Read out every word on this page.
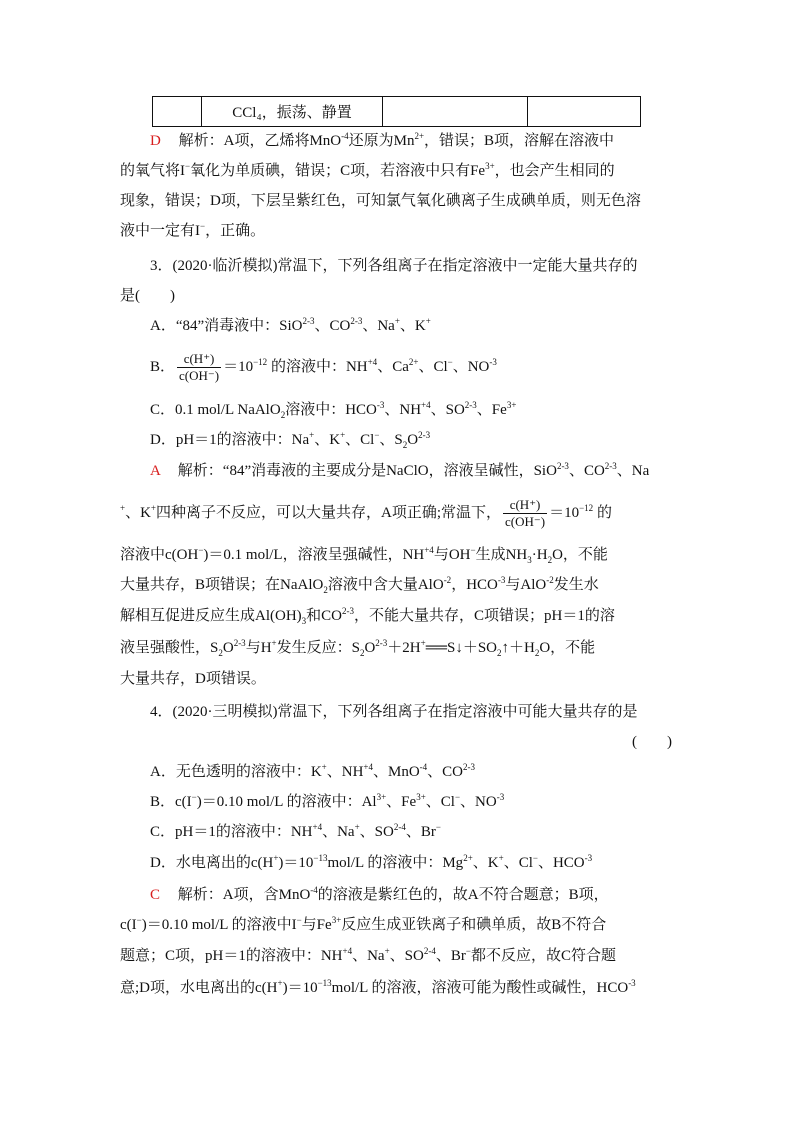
	CCl₄，振荡、静置		
D 解析：A项，乙烯将MnO$^{-4}$还原为$Mn^{2+}$，错误；B项，溶解在溶液中
的氧气将I−氧化为单质碘，错误；C项，若溶液中只有$Fe^{3+}$，也会产生相同的
现象，错误；D项，下层呈紫红色，可知氯气氧化碘离子生成碘单质，则无色溶
液中一定有I−，正确。
3．(2020·临沂模拟)常温下，下列各组离子在指定溶液中一定能大量共存的
是(　　)
A．“84”消毒液中：SiO$^{2-3}$、CO$^{2-3}$、Na+、K+
B． $\frac{c(H^+)}{c(OH^-)} =10^{-12}$ 的溶液中：$NH^{+4}$、$Ca^{2+}$、Cl−、$NO^{-3}$
C．0.1 mol/L NaAlO$_2$溶液中：$HCO^{-3}$、$NH^{+4}$、SO$^{2-3}$、$Fe^{3+}$
D．pH＝1的溶液中：Na+、K+、Cl−、$S_2O^{2-3}$
A 解析：“84”消毒液的主要成分是NaClO，溶液呈碱性，SiO$^{2-3}$、CO$^{2-3}$、Na
+、K+四种离子不反应，可以大量共存，A项正确;常温下， $\frac{c(H^+)}{c(OH^-)} =10^{-12}$ 的
溶液中c(OH−)＝0.1 mol/L，溶液呈强碱性，$NH^{+4}$与OH−生成$NH_3\cdot H_2O$，不能
大量共存，B项错误；在NaAlO$_2$溶液中含大量AlO$^{-2}$，$HCO^{-3}$与AlO$^{-2}$发生水
解相互促进反应生成$Al(OH)_3$和CO$^{2-3}$，不能大量共存，C项错误；pH＝1的溶
液呈强酸性，$S_2O^{2-3}$与H+发生反应：$S_2O^{2-3}+2H^+══S↓+SO_2↑+H_2O$，不能
大量共存，D项错误。
4．(2020·三明模拟)常温下，下列各组离子在指定溶液中可能大量共存的是
(　　)
A．无色透明的溶液中：K+、$NH^{+4}$、MnO$^{-4}$、CO$^{2-3}$
B．c(I−)＝0.10 mol/L 的溶液中：$Al^{3+}$、$Fe^{3+}$、Cl−、$NO^{-3}$
C．pH＝1的溶液中：$NH^{+4}$、Na+、SO$^{2-4}$、Br−
D．水电离出的$c(H^+)=10^{-13}mol/L$ 的溶液中：$Mg^{2+}$、K+、Cl−、$HCO^{-3}$
C 解析：A项，含MnO$^{-4}$的溶液是紫红色的，故A不符合题意；B项，
c(I−)＝0.10 mol/L 的溶液中I−与$Fe^{3+}$反应生成亚铁离子和碘单质，故B不符合
题意；C项，pH＝1的溶液中：$NH^{+4}$、Na+、SO$^{2-4}$、Br−都不反应，故C符合题
意;D项，水电离出的$c(H^+)=10^{-13}mol/L$ 的溶液，溶液可能为酸性或碱性，$HCO^{-3}$
